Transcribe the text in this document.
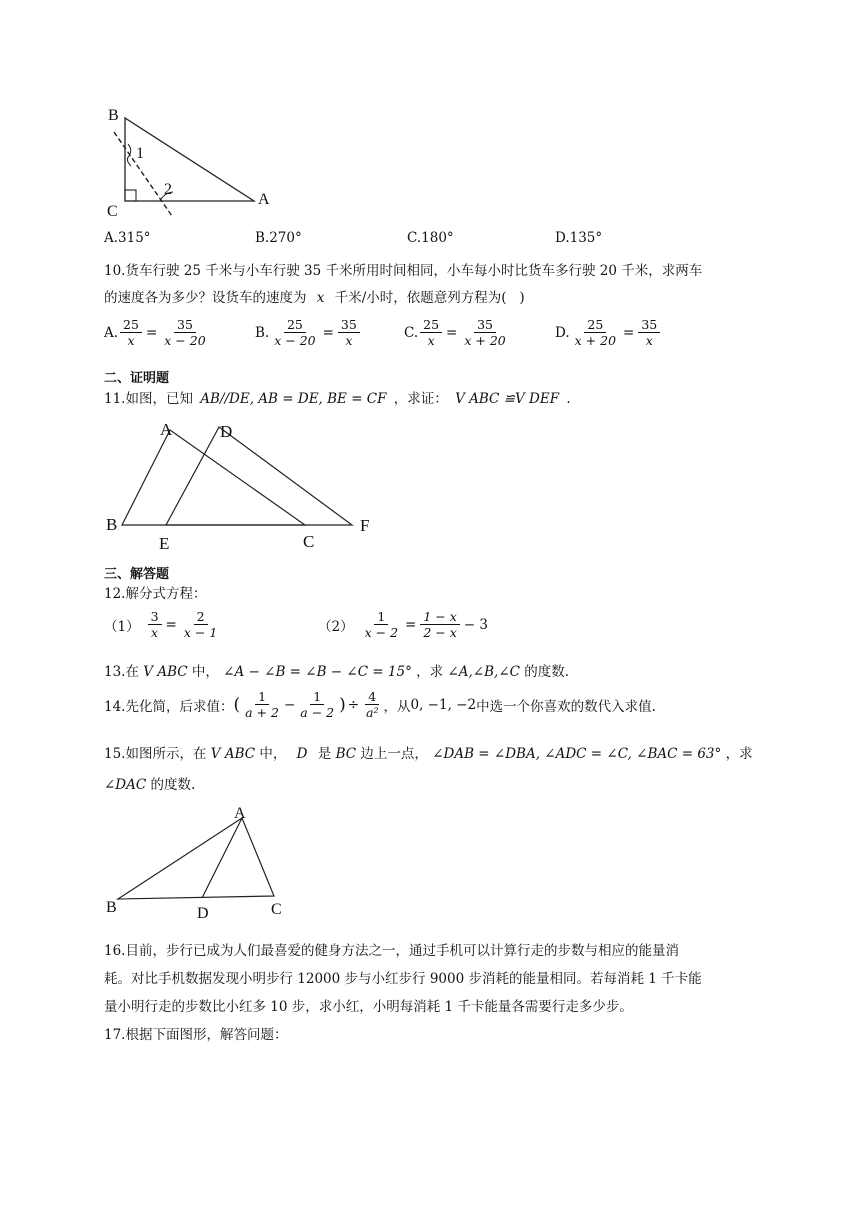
B
C
A
1
2
A.315°	B.270°	C.180°	D.135°
10.货车行驶 25 千米与小车行驶 35 千米所用时间相同，小车每小时比货车多行驶 20 千米，求两车
的速度各为多少？设货车的速度为 x 千米/小时，依题意列方程为(   )
A. $\frac{25}{x} = \frac{35}{x - 20}$	B. $\frac{25}{x - 20} = \frac{35}{x}$	C. $\frac{25}{x} = \frac{35}{x + 20}$	D. $\frac{25}{x + 20} = \frac{35}{x}$
二、证明题
11.如图，已知 AB//DE, AB = DE, BE = CF ，求证： V ABC ≌V DEF .
A	D
B
E	C
F
三、解答题
12.解分式方程：
$(1) \frac{3}{x} = \frac{2}{x - 1}$	$(2) \frac{1}{x - 2} = \frac{1 - x}{2 - x} - 3$
13.在 V ABC 中， ∠A − ∠B = ∠B − ∠C = 15° ，求 ∠A,∠B,∠C 的度数.
14.先化简，后求值： ( $\frac{1}{a + 2} - \frac{1}{a - 2}$ ) ÷ $\frac{4}{\text{a²}}$ ，从 0, −1, −2 中选一个你喜欢的数代入求值.
15.如图所示，在 V ABC 中， D 是 BC 边上一点， ∠DAB = ∠DBA, ∠ADC = ∠C, ∠BAC = 63° ，求
∠DAC 的度数.
A
B	D	C
16.目前，步行已成为人们最喜爱的健身方法之一，通过手机可以计算行走的步数与相应的能量消
耗。对比手机数据发现小明步行 12000 步与小红步行 9000 步消耗的能量相同。若每消耗 1 千卡能
量小明行走的步数比小红多 10 步，求小红，小明每消耗 1 千卡能量各需要行走多少步。
17.根据下面图形，解答问题：
